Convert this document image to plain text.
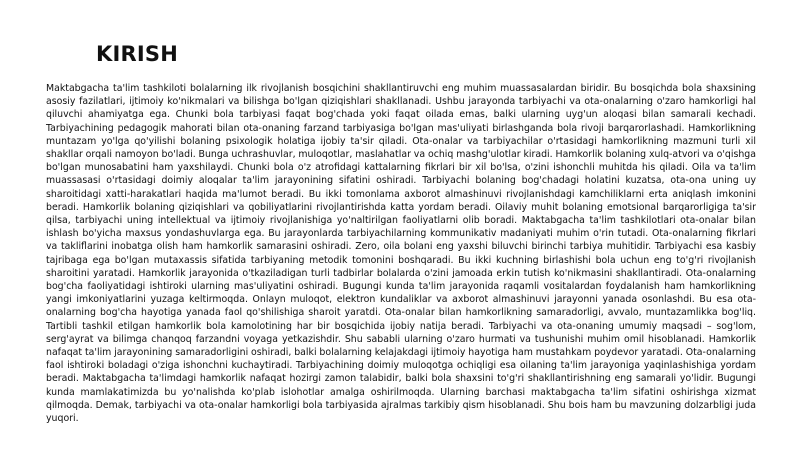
KIRISH

Maktabgacha ta'lim tashkiloti bolalarning ilk rivojlanish bosqichini shakllantiruvchi eng muhim muassasalardan biridir. Bu bosqichda bola shaxsining asosiy fazilatlari, ijtimoiy ko'nikmalari va bilishga bo'lgan qiziqishlari shakllanadi. Ushbu jarayonda tarbiyachi va ota-onalarning o'zaro hamkorligi hal qiluvchi ahamiyatga ega. Chunki bola tarbiyasi faqat bog'chada yoki faqat oilada emas, balki ularning uyg'un aloqasi bilan samarali kechadi. Tarbiyachining pedagogik mahorati bilan ota-onaning farzand tarbiyasiga bo'lgan mas'uliyati birlashganda bola rivoji barqarorlashadi. Hamkorlikning muntazam yo'lga qo'yilishi bolaning psixologik holatiga ijobiy ta'sir qiladi. Ota-onalar va tarbiyachilar o'rtasidagi hamkorlikning mazmuni turli xil shakllar orqali namoyon bo'ladi. Bunga uchrashuvlar, muloqotlar, maslahatlar va ochiq mashg'ulotlar kiradi. Hamkorlik bolaning xulq-atvori va o'qishga bo'lgan munosabatini ham yaxshilaydi. Chunki bola o'z atrofidagi kattalarning fikrlari bir xil bo'lsa, o'zini ishonchli muhitda his qiladi. Oila va ta'lim muassasasi o'rtasidagi doimiy aloqalar ta'lim jarayonining sifatini oshiradi. Tarbiyachi bolaning bog'chadagi holatini kuzatsa, ota-ona uning uy sharoitidagi xatti-harakatlari haqida ma'lumot beradi. Bu ikki tomonlama axborot almashinuvi rivojlanishdagi kamchiliklarni erta aniqlash imkonini beradi. Hamkorlik bolaning qiziqishlari va qobiliyatlarini rivojlantirishda katta yordam beradi. Oilaviy muhit bolaning emotsional barqarorligiga ta'sir qilsa, tarbiyachi uning intellektual va ijtimoiy rivojlanishiga yo'naltirilgan faoliyatlarni olib boradi. Maktabgacha ta'lim tashkilotlari ota-onalar bilan ishlash bo'yicha maxsus yondashuvlarga ega. Bu jarayonlarda tarbiyachilarning kommunikativ madaniyati muhim o'rin tutadi. Ota-onalarning fikrlari va takliflarini inobatga olish ham hamkorlik samarasini oshiradi. Zero, oila bolani eng yaxshi biluvchi birinchi tarbiya muhitidir. Tarbiyachi esa kasbiy tajribaga ega bo'lgan mutaxassis sifatida tarbiyaning metodik tomonini boshqaradi. Bu ikki kuchning birlashishi bola uchun eng to'g'ri rivojlanish sharoitini yaratadi. Hamkorlik jarayonida o'tkaziladigan turli tadbirlar bolalarda o'zini jamoada erkin tutish ko'nikmasini shakllantiradi. Ota-onalarning bog'cha faoliyatidagi ishtiroki ularning mas'uliyatini oshiradi. Bugungi kunda ta'lim jarayonida raqamli vositalardan foydalanish ham hamkorlikning yangi imkoniyatlarini yuzaga keltirmoqda. Onlayn muloqot, elektron kundaliklar va axborot almashinuvi jarayonni yanada osonlashdi. Bu esa ota-onalarning bog'cha hayotiga yanada faol qo'shilishiga sharoit yaratdi. Ota-onalar bilan hamkorlikning samaradorligi, avvalo, muntazamlikka bog'liq. Tartibli tashkil etilgan hamkorlik bola kamolotining har bir bosqichida ijobiy natija beradi. Tarbiyachi va ota-onaning umumiy maqsadi – sog'lom, serg'ayrat va bilimga chanqoq farzandni voyaga yetkazishdir. Shu sababli ularning o'zaro hurmati va tushunishi muhim omil hisoblanadi. Hamkorlik nafaqat ta'lim jarayonining samaradorligini oshiradi, balki bolalarning kelajakdagi ijtimoiy hayotiga ham mustahkam poydevor yaratadi. Ota-onalarning faol ishtiroki boladagi o'ziga ishonchni kuchaytiradi. Tarbiyachining doimiy muloqotga ochiqligi esa oilaning ta'lim jarayoniga yaqinlashishiga yordam beradi. Maktabgacha ta'limdagi hamkorlik nafaqat hozirgi zamon talabidir, balki bola shaxsini to'g'ri shakllantirishning eng samarali yo'lidir. Bugungi kunda mamlakatimizda bu yo'nalishda ko'plab islohotlar amalga oshirilmoqda. Ularning barchasi maktabgacha ta'lim sifatini oshirishga xizmat qilmoqda. Demak, tarbiyachi va ota-onalar hamkorligi bola tarbiyasida ajralmas tarkibiy qism hisoblanadi. Shu bois ham bu mavzuning dolzarbligi juda yuqori.
